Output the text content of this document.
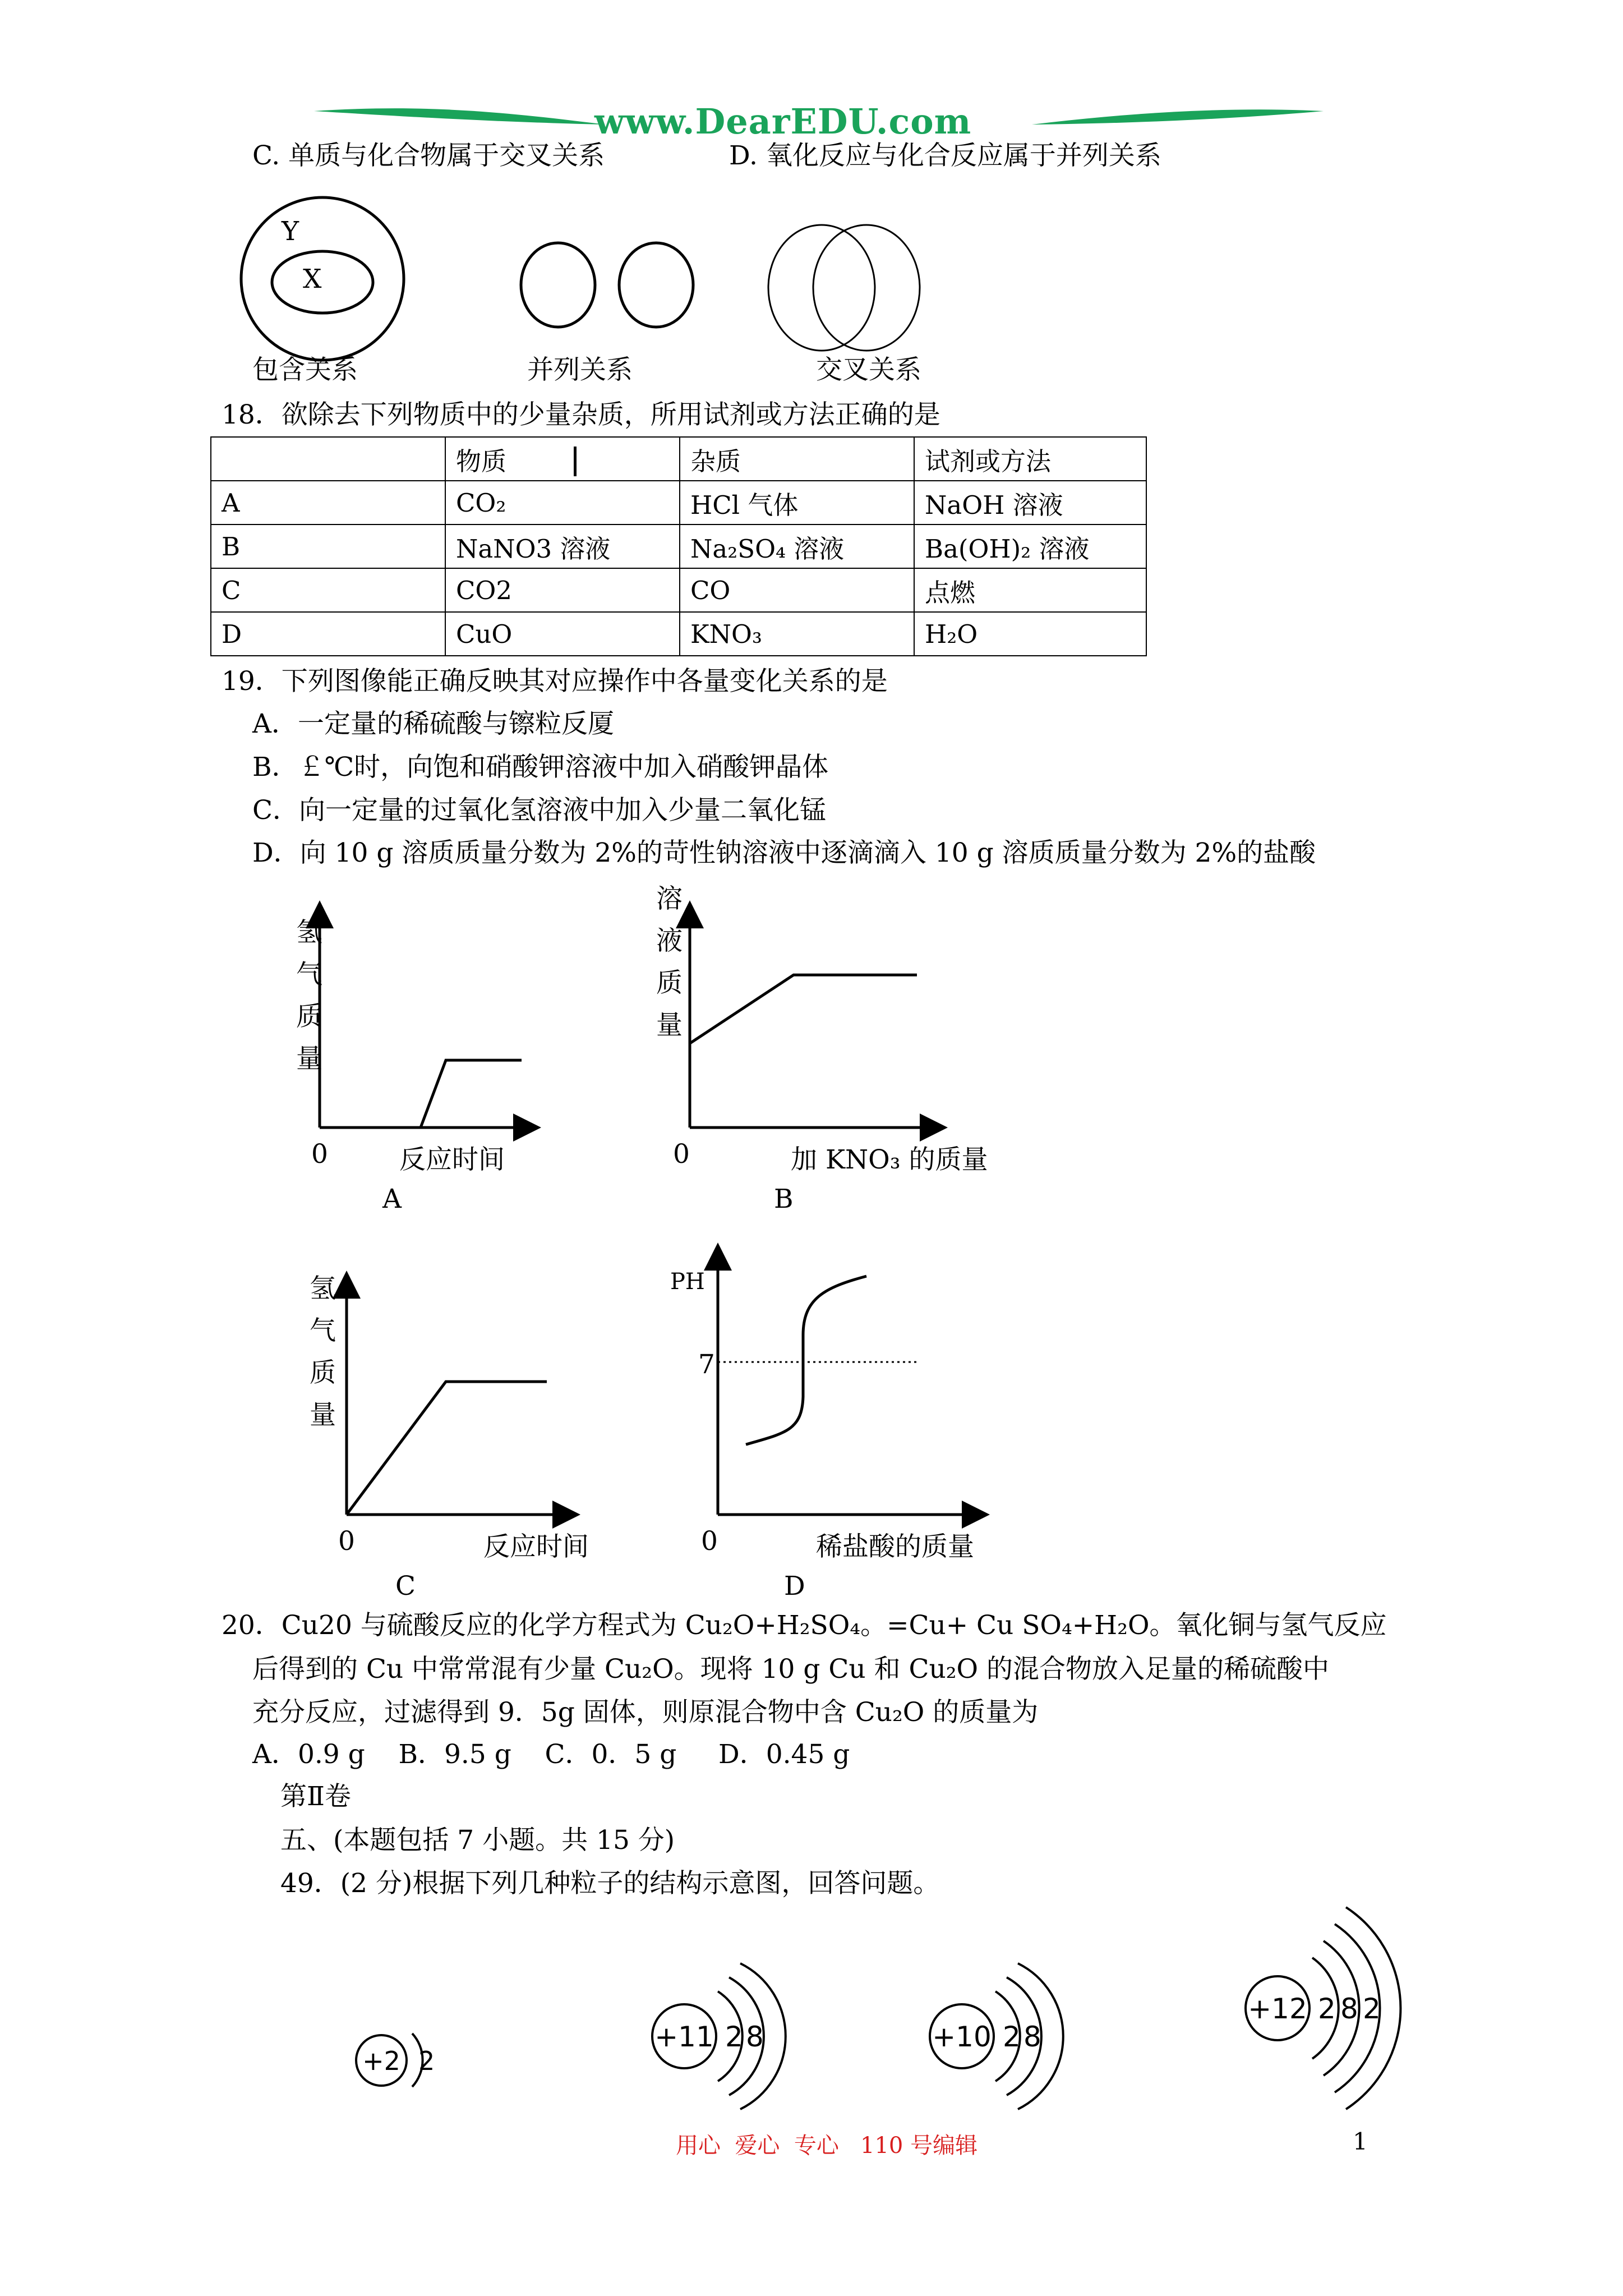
www.DearEDU.com
C. 单质与化合物属于交叉关系	D. 氧化反应与化合反应属于并列关系
Y
X
包含关系	并列关系	交叉关系
18．欲除去下列物质中的少量杂质，所用试剂或方法正确的是
	物质	杂质	试剂或方法
A	CO₂	HCl 气体	NaOH 溶液
B	NaNO3 溶液	Na₂SO₄ 溶液	Ba(OH)₂ 溶液
C	CO2	CO	点燃
D	CuO	KNO₃	H₂O
19．下列图像能正确反映其对应操作中各量变化关系的是
A．一定量的稀硫酸与镲粒反厦
B．￡℃时，向饱和硝酸钾溶液中加入硝酸钾晶体
C．向一定量的过氧化氢溶液中加入少量二氧化锰
D．向 10 g 溶质质量分数为 2%的苛性钠溶液中逐滴滴入 10 g 溶质质量分数为 2%的盐酸
氢
气
质
量
0	反应时间
A
溶
液
质
量
0	加 KNO₃ 的质量
B
氢
气
质
量
0	反应时间
C
PH
7
0	稀盐酸的质量
D
20．Cu20 与硫酸反应的化学方程式为 Cu₂O+H₂SO₄。=Cu+ Cu SO₄+H₂O。氧化铜与氢气反应
后得到的 Cu 中常常混有少量 Cu₂O。现将 10 g Cu 和 Cu₂O 的混合物放入足量的稀硫酸中
充分反应，过滤得到 9．5g 固体，则原混合物中含 Cu₂O 的质量为
A．0.9 g    B．9.5 g    C．0．5 g     D．0.45 g
第Ⅱ卷
五、(本题包括 7 小题。共 15 分)
49．(2 分)根据下列几种粒子的结构示意图，回答问题。
+2 2
+11 2 8	+10 2 8
+12 2 8 2
用心  爱心  专心   110 号编辑	1
